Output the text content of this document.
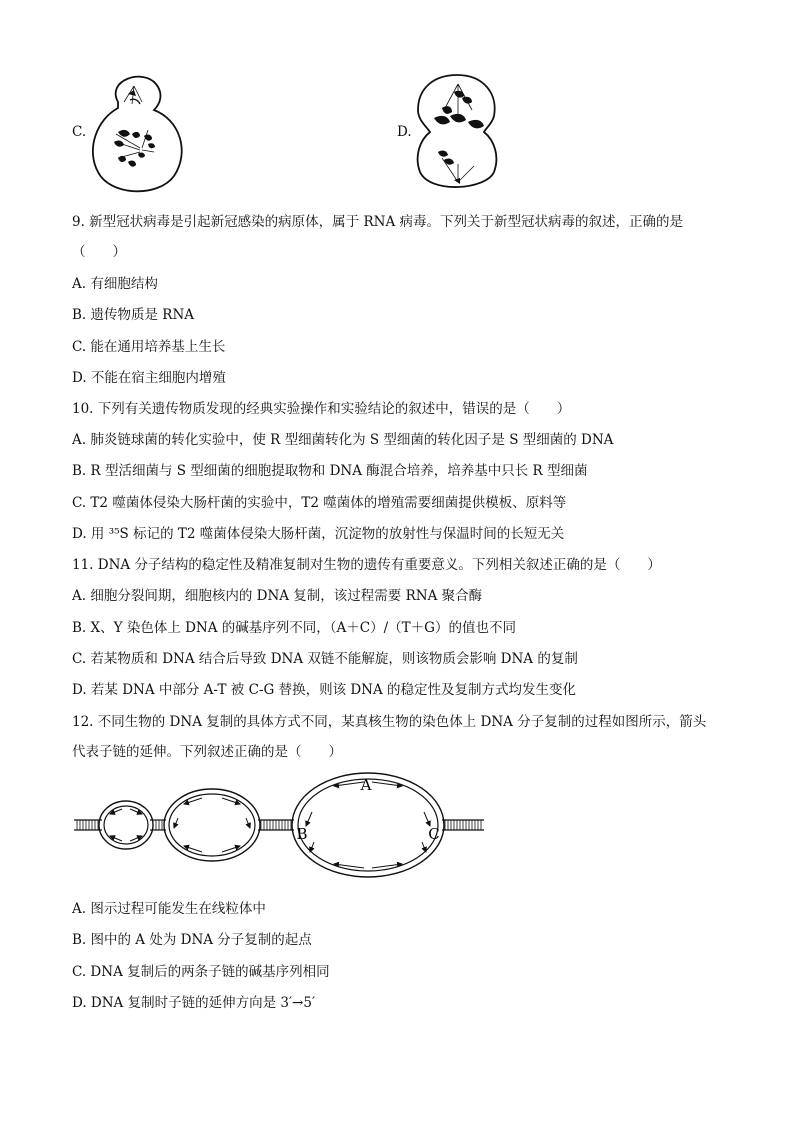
C.	D.
9. 新型冠状病毒是引起新冠感染的病原体，属于 RNA 病毒。下列关于新型冠状病毒的叙述，正确的是
（　　）
A. 有细胞结构
B. 遗传物质是 RNA
C. 能在通用培养基上生长
D. 不能在宿主细胞内增殖
10. 下列有关遗传物质发现的经典实验操作和实验结论的叙述中，错误的是（　　）
A. 肺炎链球菌的转化实验中，使 R 型细菌转化为 S 型细菌的转化因子是 S 型细菌的 DNA
B. R 型活细菌与 S 型细菌的细胞提取物和 DNA 酶混合培养，培养基中只长 R 型细菌
C. T2 噬菌体侵染大肠杆菌的实验中，T2 噬菌体的增殖需要细菌提供模板、原料等
D. 用 ³⁵S 标记的 T2 噬菌体侵染大肠杆菌，沉淀物的放射性与保温时间的长短无关
11. DNA 分子结构的稳定性及精准复制对生物的遗传有重要意义。下列相关叙述正确的是（　　）
A. 细胞分裂间期，细胞核内的 DNA 复制，该过程需要 RNA 聚合酶
B. X、Y 染色体上 DNA 的碱基序列不同，（A＋C）/（T＋G）的值也不同
C. 若某物质和 DNA 结合后导致 DNA 双链不能解旋，则该物质会影响 DNA 的复制
D. 若某 DNA 中部分 A-T 被 C-G 替换，则该 DNA 的稳定性及复制方式均发生变化
12. 不同生物的 DNA 复制的具体方式不同，某真核生物的染色体上 DNA 分子复制的过程如图所示，箭头
代表子链的延伸。下列叙述正确的是（　　）
A
B	C
A. 图示过程可能发生在线粒体中
B. 图中的 A 处为 DNA 分子复制的起点
C. DNA 复制后的两条子链的碱基序列相同
D. DNA 复制时子链的延伸方向是 3′→5′
